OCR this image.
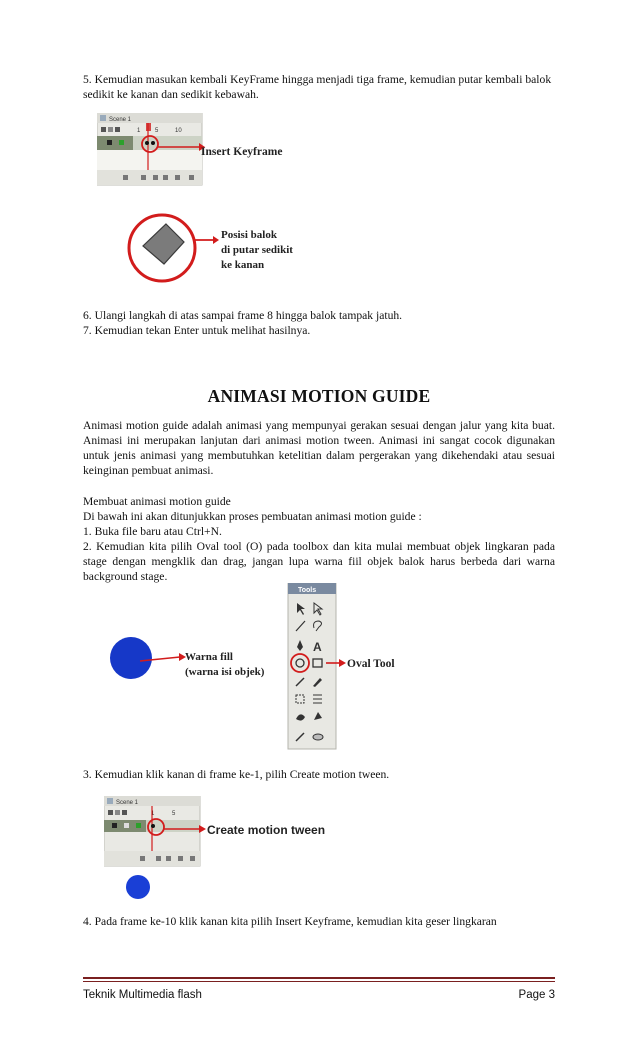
5. Kemudian masukan kembali KeyFrame hingga menjadi tiga frame, kemudian putar kembali balok sedikit ke kanan dan sedikit kebawah.

Scene 1
1 5	10
Insert Keyframe
Posisi balok
di putar sedikit
ke kanan

6. Ulangi langkah di atas sampai frame 8 hingga balok tampak jatuh.

7. Kemudian tekan Enter untuk melihat hasilnya.

ANIMASI MOTION GUIDE

Animasi motion guide adalah animasi yang mempunyai gerakan sesuai dengan jalur yang kita buat. Animasi ini merupakan lanjutan dari animasi motion tween. Animasi ini sangat cocok digunakan untuk jenis animasi yang membutuhkan ketelitian dalam pergerakan yang dikehendaki atau sesuai keinginan pembuat animasi.

Membuat animasi motion guide

Di bawah ini akan ditunjukkan proses pembuatan animasi motion guide :

1. Buka file baru atau Ctrl+N.

2. Kemudian kita pilih Oval tool (O) pada toolbox dan kita mulai membuat objek lingkaran pada stage dengan mengklik dan drag, jangan lupa warna fiil objek balok harus berbeda dari warna background stage.

Warna fill
(warna isi objek)
Tools
A
Oval Tool

3. Kemudian klik kanan di frame ke-1, pilih Create motion tween.

Scene 1
1	5
Create motion tween

4. Pada frame ke-10 klik kanan kita pilih Insert Keyframe, kemudian kita geser lingkaran

Teknik Multimedia flash	Page 3
